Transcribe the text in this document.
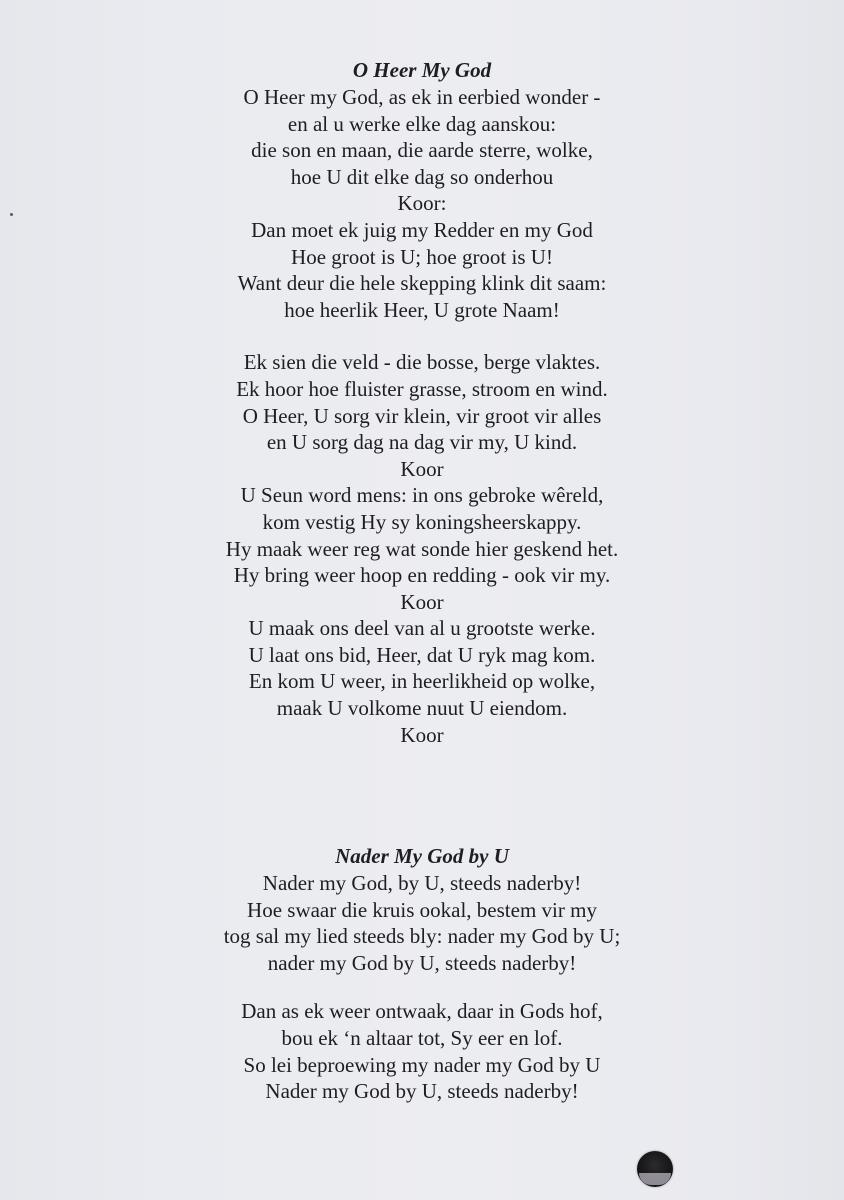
O Heer My God
O Heer my God, as ek in eerbied wonder -
en al u werke elke dag aanskou:
die son en maan, die aarde sterre, wolke,
hoe U dit elke dag so onderhou
Koor:
Dan moet ek juig my Redder en my God
Hoe groot is U; hoe groot is U!
Want deur die hele skepping klink dit saam:
hoe heerlik Heer, U grote Naam!
Ek sien die veld - die bosse, berge vlaktes.
Ek hoor hoe fluister grasse, stroom en wind.
O Heer, U sorg vir klein, vir groot vir alles
en U sorg dag na dag vir my, U kind.
Koor
U Seun word mens: in ons gebroke wêreld,
kom vestig Hy sy koningsheerskappy.
Hy maak weer reg wat sonde hier geskend het.
Hy bring weer hoop en redding - ook vir my.
Koor
U maak ons deel van al u grootste werke.
U laat ons bid, Heer, dat U ryk mag kom.
En kom U weer, in heerlikheid op wolke,
maak U volkome nuut U eiendom.
Koor
Nader My God by U
Nader my God, by U, steeds naderby!
Hoe swaar die kruis ookal, bestem vir my
tog sal my lied steeds bly: nader my God by U;
nader my God by U, steeds naderby!
Dan as ek weer ontwaak, daar in Gods hof,
bou ek ‘n altaar tot, Sy eer en lof.
So lei beproewing my nader my God by U
Nader my God by U, steeds naderby!
